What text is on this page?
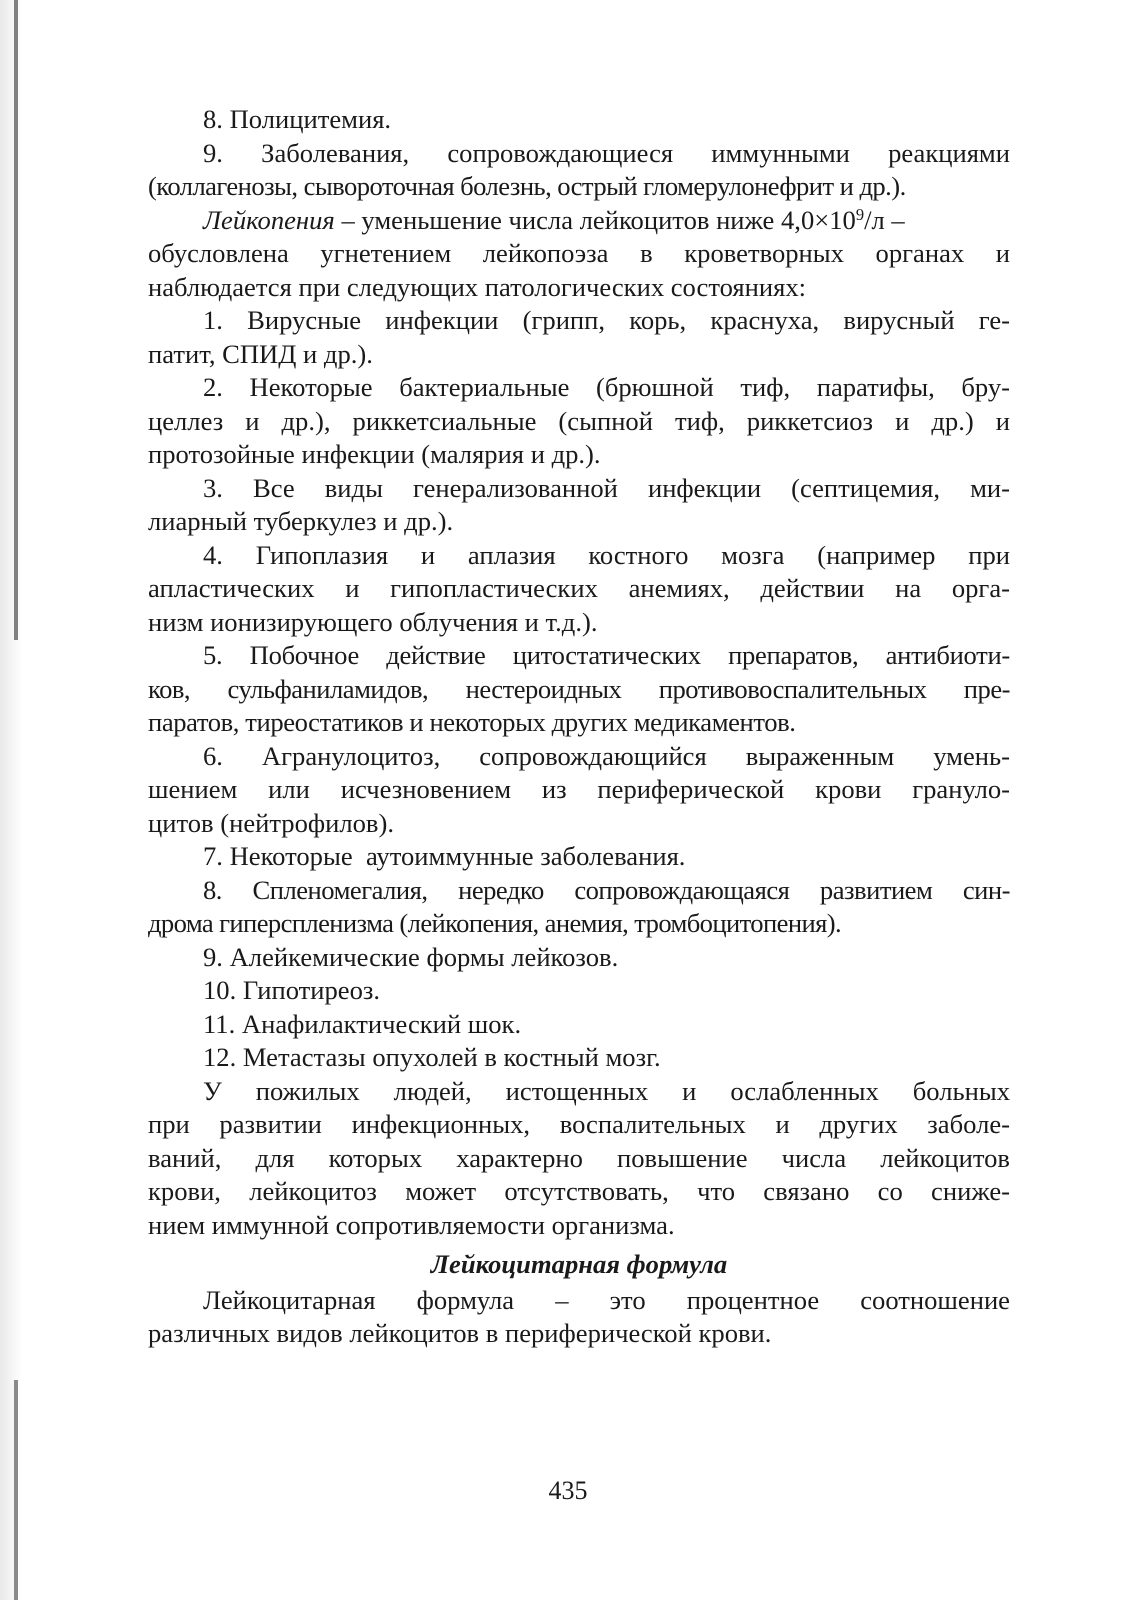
8. Полицитемия.
9. Заболевания, сопровождающиеся иммунными реакциями
(коллагенозы, сывороточная болезнь, острый гломерулонефрит и др.).
Лейкопения – уменьшение числа лейкоцитов ниже $4,0\times 10^9/л$ –
обусловлена угнетением лейкопоэза в кроветворных органах и
наблюдается при следующих патологических состояниях:
1. Вирусные инфекции (грипп, корь, краснуха, вирусный ге-
патит, СПИД и др.).
2. Некоторые бактериальные (брюшной тиф, паратифы, бру-
целлез и др.), риккетсиальные (сыпной тиф, риккетсиоз и др.) и
протозойные инфекции (малярия и др.).
3. Все виды генерализованной инфекции (септицемия, ми-
лиарный туберкулез и др.).
4. Гипоплазия и аплазия костного мозга (например при
апластических и гипопластических анемиях, действии на орга-
низм ионизирующего облучения и т.д.).
5. Побочное действие цитостатических препаратов, антибиоти-
ков, сульфаниламидов, нестероидных противовоспалительных пре-
паратов, тиреостатиков и некоторых других медикаментов.
6. Агранулоцитоз, сопровождающийся выраженным умень-
шением или исчезновением из периферической крови грануло-
цитов (нейтрофилов).
7. Некоторые  аутоиммунные заболевания.
8. Спленомегалия, нередко сопровождающаяся развитием син-
дрома гиперспленизма (лейкопения, анемия, тромбоцитопения).
9. Алейкемические формы лейкозов.
10. Гипотиреоз.
11. Анафилактический шок.
12. Метастазы опухолей в костный мозг.
У пожилых людей, истощенных и ослабленных больных
при развитии инфекционных, воспалительных и других заболе-
ваний, для которых характерно повышение числа лейкоцитов
крови, лейкоцитоз может отсутствовать, что связано со сниже-
нием иммунной сопротивляемости организма.
Лейкоцитарная формула
Лейкоцитарная формула – это процентное соотношение
различных видов лейкоцитов в периферической крови.
435
